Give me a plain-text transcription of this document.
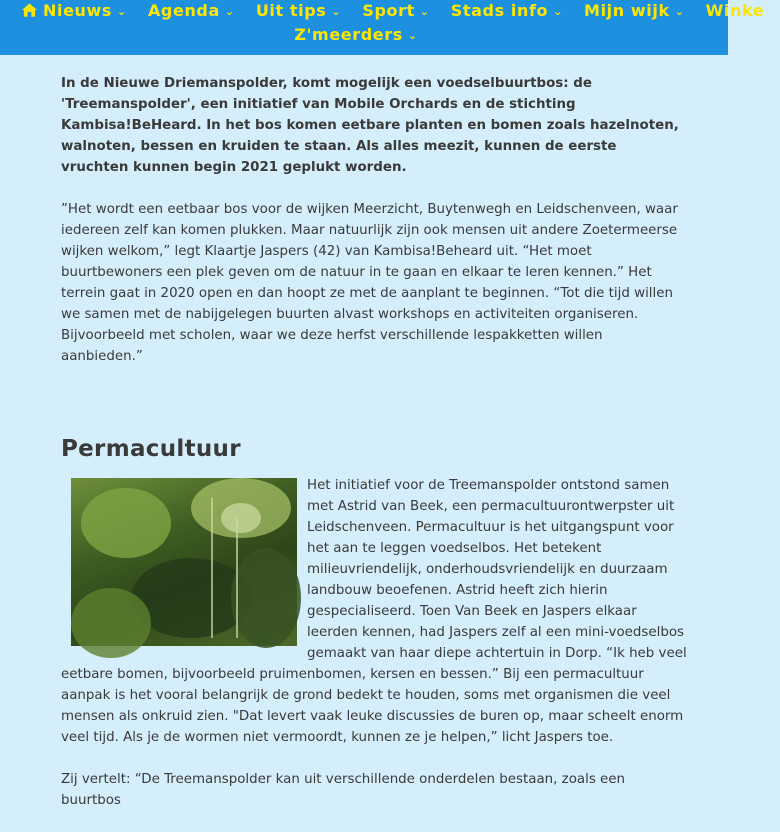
Nieuws ⌄ Agenda ⌄ Uit tips ⌄ Sport ⌄ Stads info ⌄ Mijn wijk ⌄ Winke
Z'meerders ⌄

In de Nieuwe Driemanspolder, komt mogelijk een voedselbuurtbos: de 'Treemanspolder', een initiatief van Mobile Orchards en de stichting Kambisa!BeHeard. In het bos komen eetbare planten en bomen zoals hazelnoten, walnoten, bessen en kruiden te staan. Als alles meezit, kunnen de eerste vruchten kunnen begin 2021 geplukt worden.

”Het wordt een eetbaar bos voor de wijken Meerzicht, Buytenwegh en Leidschenveen, waar iedereen zelf kan komen plukken. Maar natuurlijk zijn ook mensen uit andere Zoetermeerse wijken welkom,” legt Klaartje Jaspers (42) van Kambisa!Beheard uit. “Het moet buurtbewoners een plek geven om de natuur in te gaan en elkaar te leren kennen.” Het terrein gaat in 2020 open en dan hoopt ze met de aanplant te beginnen. “Tot die tijd willen we samen met de nabijgelegen buurten alvast workshops en activiteiten organiseren. Bijvoorbeeld met scholen, waar we deze herfst verschillende lespakketten willen aanbieden.”

Permacultuur

Het initiatief voor de Treemanspolder ontstond samen met Astrid van Beek, een permacultuurontwerpster uit Leidschenveen. Permacultuur is het uitgangspunt voor het aan te leggen voedselbos. Het betekent milieuvriendelijk, onderhoudsvriendelijk en duurzaam landbouw beoefenen. Astrid heeft zich hierin gespecialiseerd. Toen Van Beek en Jaspers elkaar leerden kennen, had Jaspers zelf al een mini-voedselbos gemaakt van haar diepe achtertuin in Dorp. “Ik heb veel eetbare bomen, bijvoorbeeld pruimenbomen, kersen en bessen.” Bij een permacultuur aanpak is het vooral belangrijk de grond bedekt te houden, soms met organismen die veel mensen als onkruid zien. "Dat levert vaak leuke discussies de buren op, maar scheelt enorm veel tijd. Als je de wormen niet vermoordt, kunnen ze je helpen,” licht Jaspers toe.

Zij vertelt: “De Treemanspolder kan uit verschillende onderdelen bestaan, zoals een buurtbos
